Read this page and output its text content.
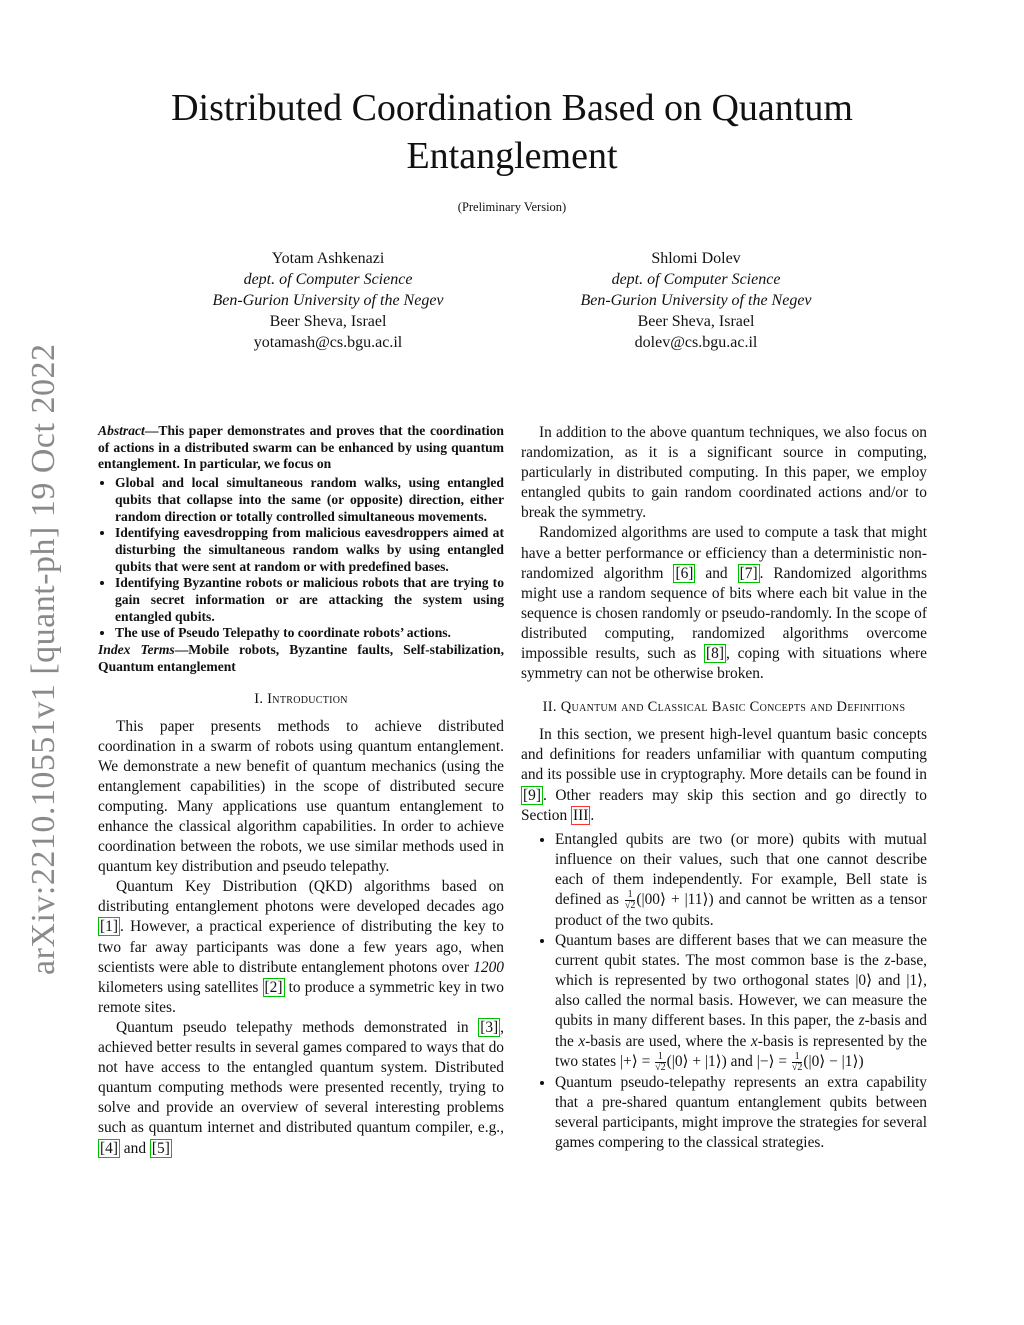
arXiv:2210.10551v1 [quant-ph] 19 Oct 2022
Distributed Coordination Based on Quantum Entanglement
(Preliminary Version)
Yotam Ashkenazi
dept. of Computer Science
Ben-Gurion University of the Negev
Beer Sheva, Israel
yotamash@cs.bgu.ac.il
Shlomi Dolev
dept. of Computer Science
Ben-Gurion University of the Negev
Beer Sheva, Israel
dolev@cs.bgu.ac.il

Abstract—This paper demonstrates and proves that the coordination of actions in a distributed swarm can be enhanced by using quantum entanglement. In particular, we focus on

• Global and local simultaneous random walks, using entangled qubits that collapse into the same (or opposite) direction, either random direction or totally controlled simultaneous movements.
• Identifying eavesdropping from malicious eavesdroppers aimed at disturbing the simultaneous random walks by using entangled qubits that were sent at random or with predefined bases.
• Identifying Byzantine robots or malicious robots that are trying to gain secret information or are attacking the system using entangled qubits.
• The use of Pseudo Telepathy to coordinate robots’ actions.

Index Terms—Mobile robots, Byzantine faults, Self-stabilization, Quantum entanglement

I. Introduction

This paper presents methods to achieve distributed coordination in a swarm of robots using quantum entanglement. We demonstrate a new benefit of quantum mechanics (using the entanglement capabilities) in the scope of distributed secure computing. Many applications use quantum entanglement to enhance the classical algorithm capabilities. In order to achieve coordination between the robots, we use similar methods used in quantum key distribution and pseudo telepathy.

Quantum Key Distribution (QKD) algorithms based on distributing entanglement photons were developed decades ago [1] . However, a practical experience of distributing the key to two far away participants was done a few years ago, when scientists were able to distribute entanglement photons over 1200 kilometers using satellites [2] to produce a symmetric key in two remote sites.

Quantum pseudo telepathy methods demonstrated in [3] , achieved better results in several games compared to ways that do not have access to the entangled quantum system. Distributed quantum computing methods were presented recently, trying to solve and provide an overview of several interesting problems such as quantum internet and distributed quantum compiler, e.g., [4] and [5]

In addition to the above quantum techniques, we also focus on randomization, as it is a significant source in computing, particularly in distributed computing. In this paper, we employ entangled qubits to gain random coordinated actions and/or to break the symmetry.

Randomized algorithms are used to compute a task that might have a better performance or efficiency than a deterministic non-randomized algorithm [6] and [7] . Randomized algorithms might use a random sequence of bits where each bit value in the sequence is chosen randomly or pseudo-randomly. In the scope of distributed computing, randomized algorithms overcome impossible results, such as [8] , coping with situations where symmetry can not be otherwise broken.

II. Quantum and Classical Basic Concepts and Definitions

In this section, we present high-level quantum basic concepts and definitions for readers unfamiliar with quantum computing and its possible use in cryptography. More details can be found in [9] . Other readers may skip this section and go directly to Section III .

• Entangled qubits are two (or more) qubits with mutual influence on their values, such that one cannot describe each of them independently. For example, Bell state is defined as $\frac{1}{√2}$ (|00⟩ + |11⟩) and cannot be written as a tensor product of the two qubits.
• Quantum bases are different bases that we can measure the current qubit states. The most common base is the z-base, which is represented by two orthogonal states |0⟩ and |1⟩, also called the normal basis. However, we can measure the qubits in many different bases. In this paper, the z-basis and the x-basis are used, where the x-basis is represented by the two states |+⟩ = $\frac{1}{√2}$ (|0⟩ + |1⟩) and |−⟩ = $\frac{1}{√2}$ (|0⟩ − |1⟩)
• Quantum pseudo-telepathy represents an extra capability that a pre-shared quantum entanglement qubits between several participants, might improve the strategies for several games compering to the classical strategies.
